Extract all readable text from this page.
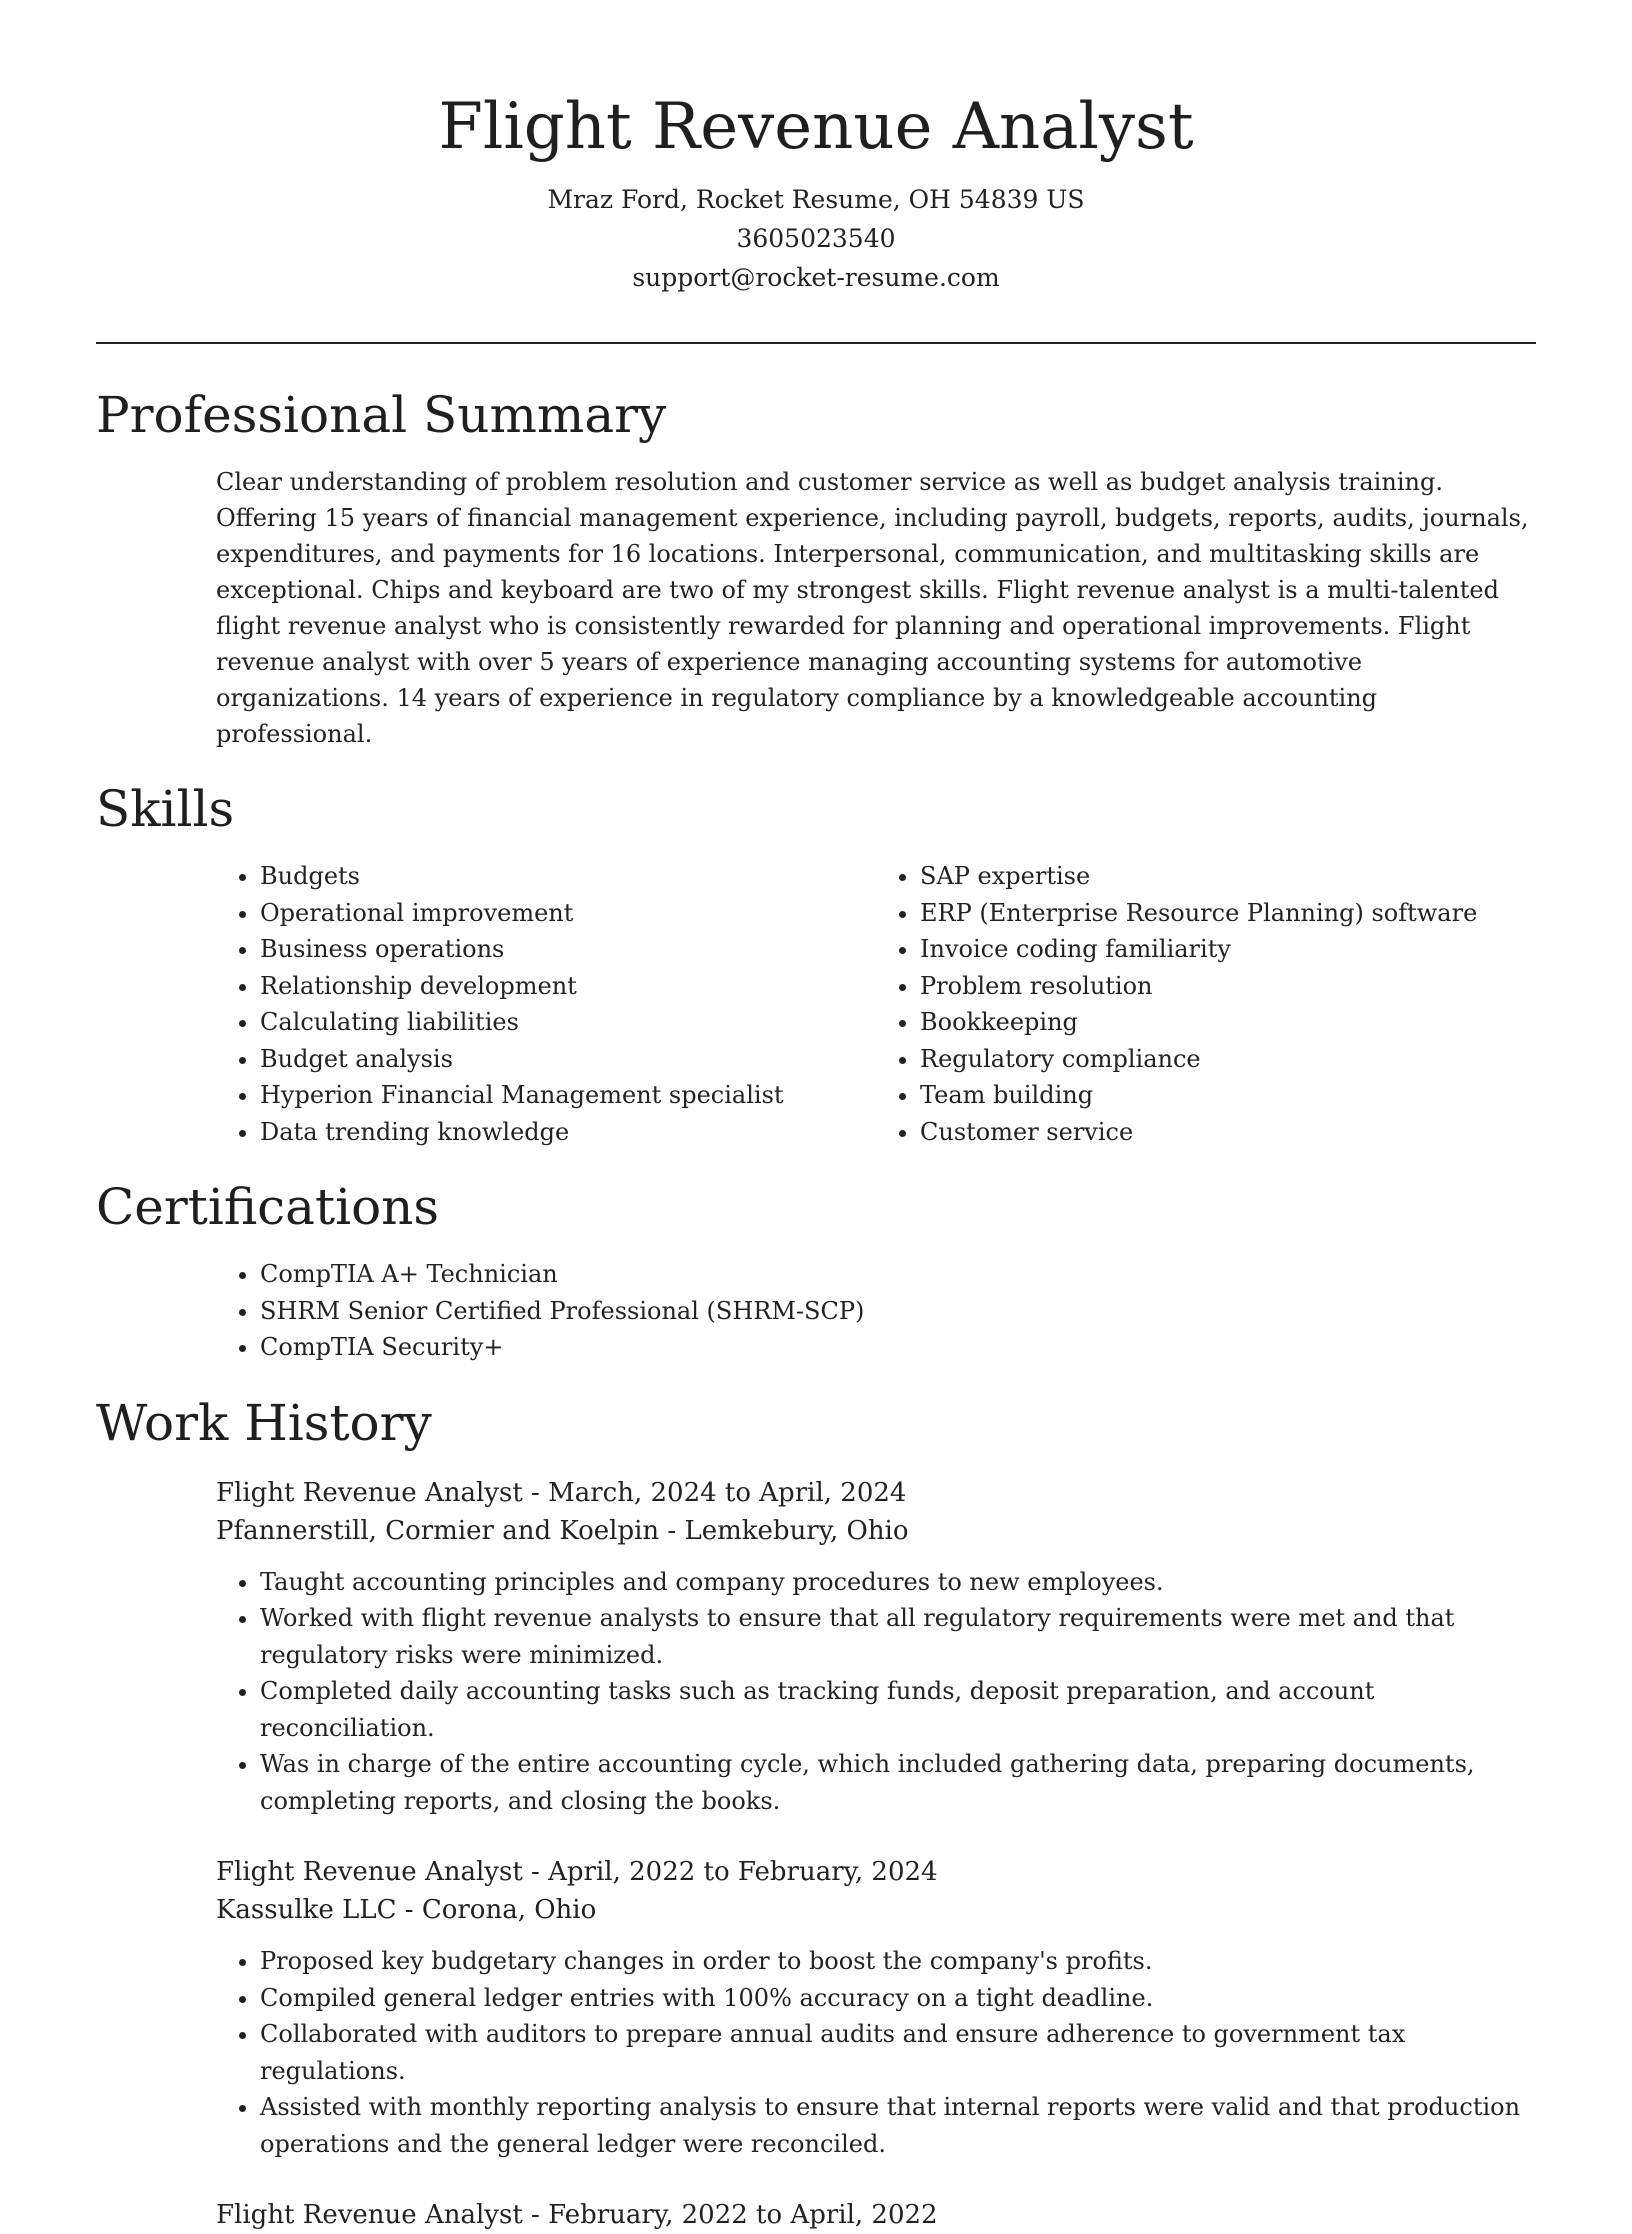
Flight Revenue Analyst
Mraz Ford, Rocket Resume, OH 54839 US
3605023540
support@rocket-resume.com
Professional Summary

Clear understanding of problem resolution and customer service as well as budget analysis training. Offering 15 years of financial management experience, including payroll, budgets, reports, audits, journals, expenditures, and payments for 16 locations. Interpersonal, communication, and multitasking skills are exceptional. Chips and keyboard are two of my strongest skills. Flight revenue analyst is a multi-talented flight revenue analyst who is consistently rewarded for planning and operational improvements. Flight revenue analyst with over 5 years of experience managing accounting systems for automotive organizations. 14 years of experience in regulatory compliance by a knowledgeable accounting professional.

Skills
• Budgets
• Operational improvement
• Business operations
• Relationship development
• Calculating liabilities
• Budget analysis
• Hyperion Financial Management specialist
• Data trending knowledge
• SAP expertise
• ERP (Enterprise Resource Planning) software
• Invoice coding familiarity
• Problem resolution
• Bookkeeping
• Regulatory compliance
• Team building
• Customer service
Certifications
• CompTIA A+ Technician
• SHRM Senior Certified Professional (SHRM-SCP)
• CompTIA Security+
Work History
Flight Revenue Analyst - March, 2024 to April, 2024
Pfannerstill, Cormier and Koelpin - Lemkebury, Ohio
• Taught accounting principles and company procedures to new employees.
• Worked with flight revenue analysts to ensure that all regulatory requirements were met and that regulatory risks were minimized.
• Completed daily accounting tasks such as tracking funds, deposit preparation, and account reconciliation.
• Was in charge of the entire accounting cycle, which included gathering data, preparing documents, completing reports, and closing the books.
Flight Revenue Analyst - April, 2022 to February, 2024
Kassulke LLC - Corona, Ohio
• Proposed key budgetary changes in order to boost the company's profits.
• Compiled general ledger entries with 100% accuracy on a tight deadline.
• Collaborated with auditors to prepare annual audits and ensure adherence to government tax regulations.
• Assisted with monthly reporting analysis to ensure that internal reports were valid and that production operations and the general ledger were reconciled.
Flight Revenue Analyst - February, 2022 to April, 2022
